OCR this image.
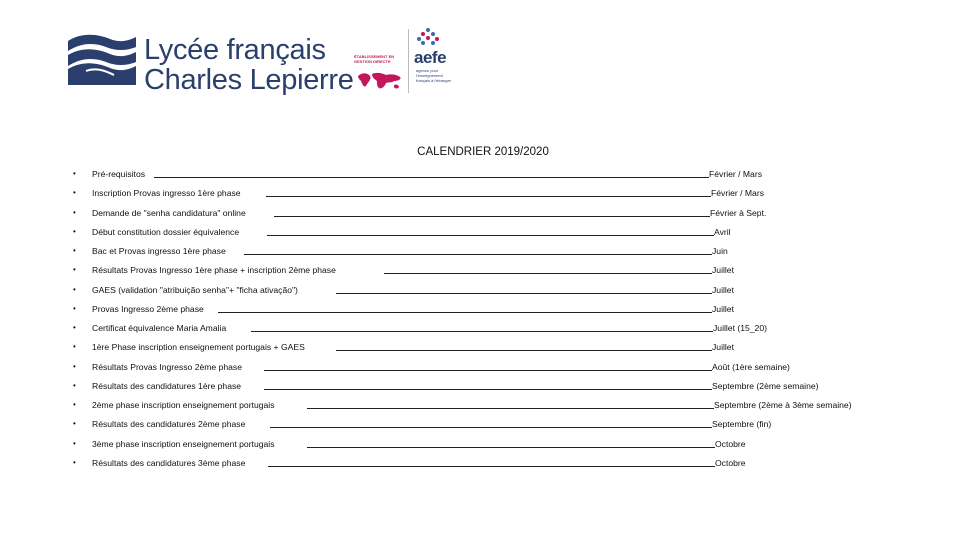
Lycée français
Charles Lepierre
ÉTABLISSEMENT EN GESTION DIRECTE	aefe
agence pour l'enseignement français à l'étranger
CALENDRIER 2019/2020
• Pré-requisitos	Février / Mars
• Inscription Provas ingresso 1ère phase	Février / Mars
• Demande de "senha candidatura" online	Février à Sept.
• Début constitution dossier équivalence	Avril
• Bac et Provas ingresso 1ère phase	Juin
• Résultats Provas Ingresso 1ère phase + inscription 2ème phase	Juillet
• GAES (validation "atribuição senha"+ "ficha ativação")	Juillet
• Provas Ingresso 2ème phase	Juillet
• Certificat équivalence Maria Amalia	Juillet (15_20)
• 1ère Phase inscription enseignement portugais + GAES	Juillet
• Résultats Provas Ingresso 2ème phase	Août (1ère semaine)
• Résultats des candidatures 1ère phase	Septembre (2ème semaine)
• 2ème phase inscription enseignement portugais	Septembre (2ème à 3ème semaine)
• Résultats des candidatures 2ème phase	Septembre (fin)
• 3ème phase inscription enseignement portugais	Octobre
• Résultats des candidatures 3ème phase	Octobre
